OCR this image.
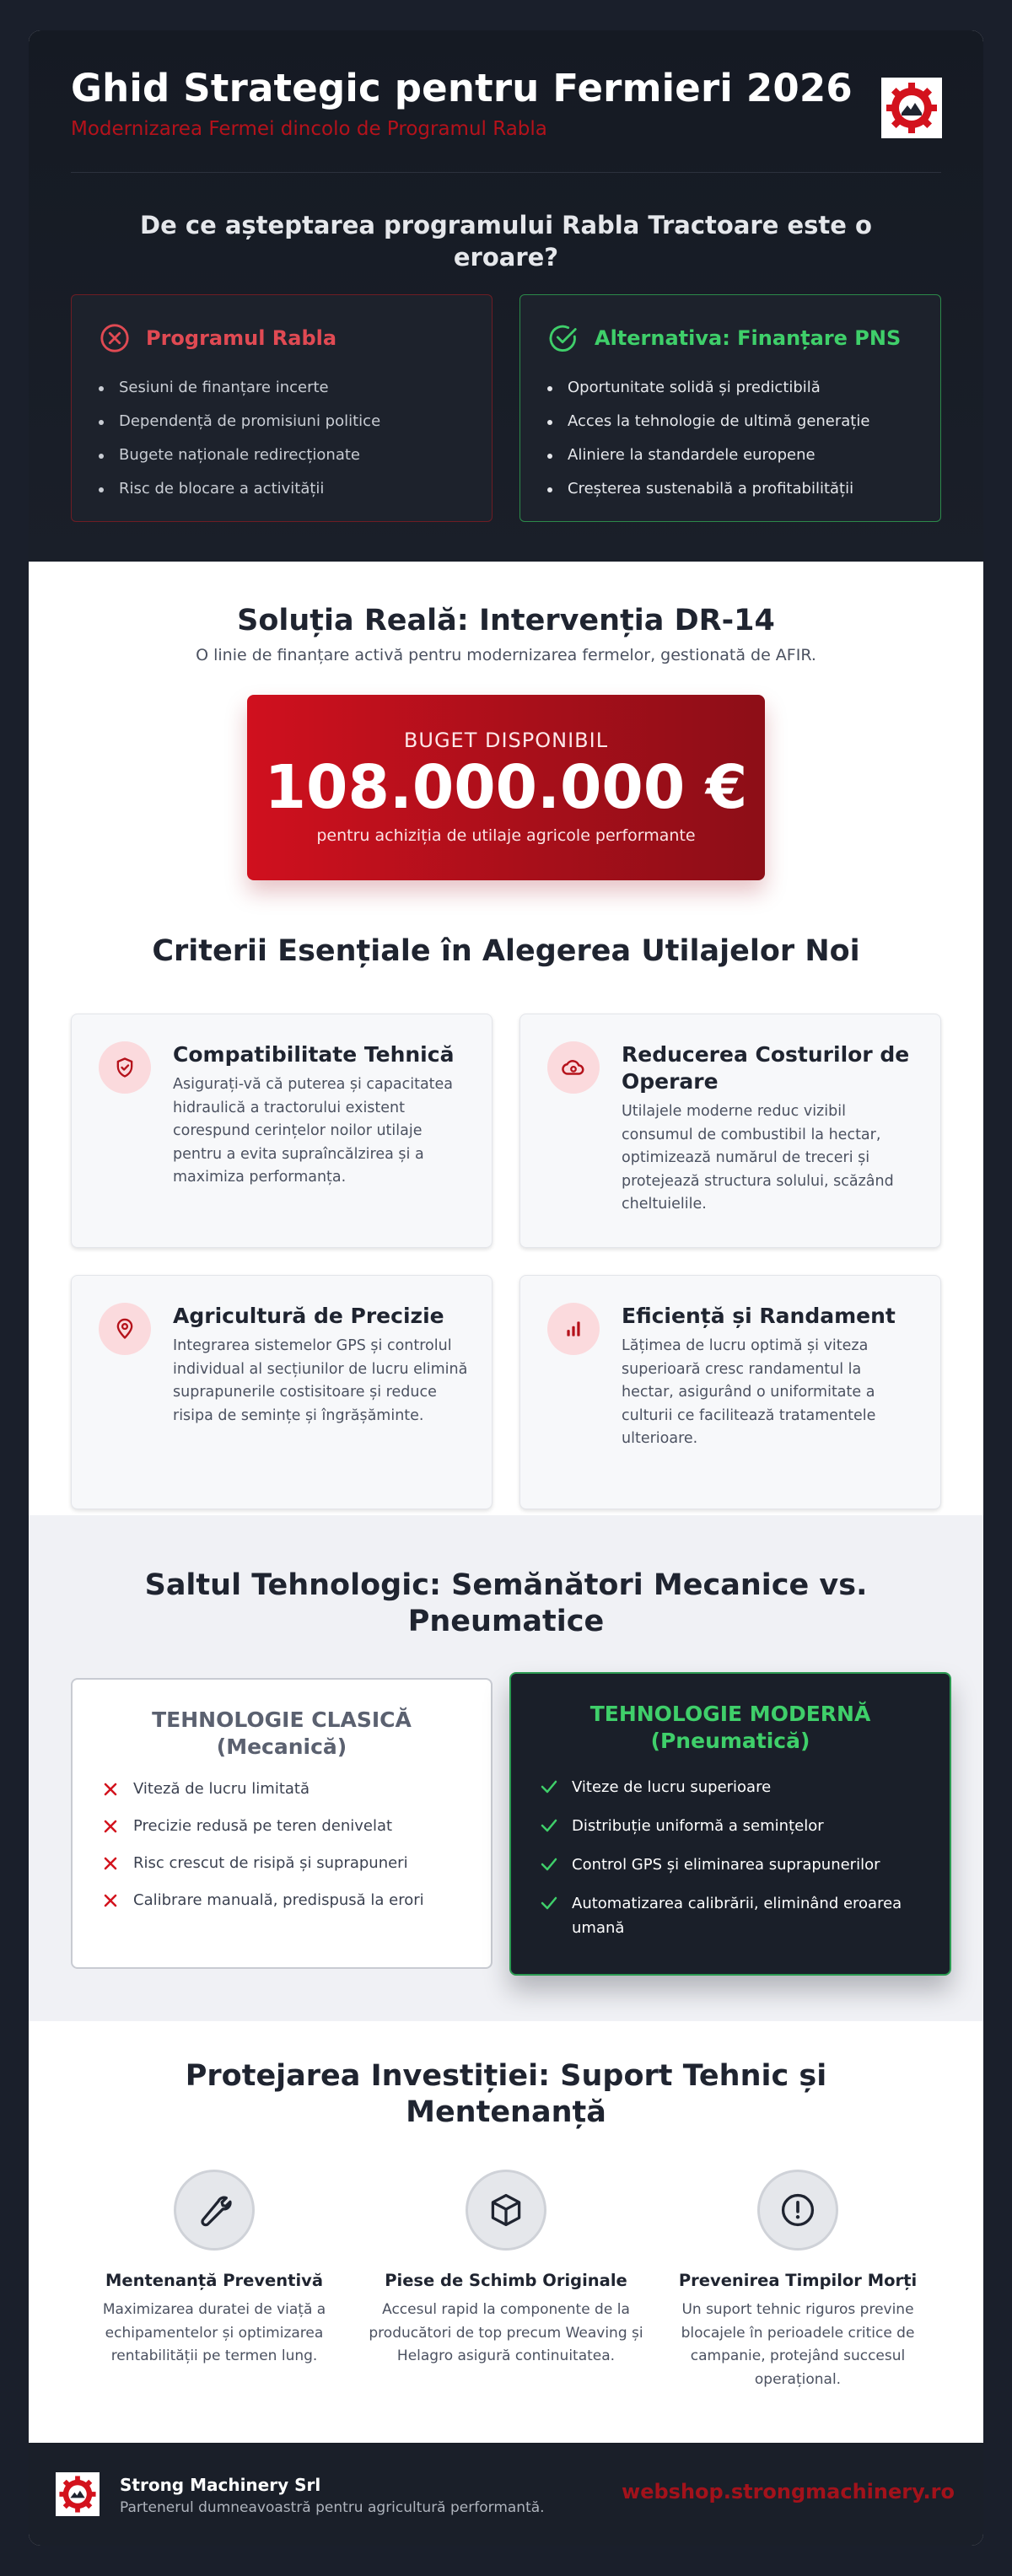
Ghid Strategic pentru Fermieri 2026
Modernizarea Fermei dincolo de Programul Rabla
De ce așteptarea programului Rabla Tractoare este o eroare?
Programul Rabla
Sesiuni de finanțare incerte
Dependență de promisiuni politice
Bugete naționale redirecționate
Risc de blocare a activității
Alternativa: Finanțare PNS
Oportunitate solidă și predictibilă
Acces la tehnologie de ultimă generație
Aliniere la standardele europene
Creșterea sustenabilă a profitabilității
Soluția Reală: Intervenția DR-14

O linie de finanțare activă pentru modernizarea fermelor, gestionată de AFIR.

BUGET DISPONIBIL
108.000.000 €
pentru achiziția de utilaje agricole performante
Criterii Esențiale în Alegerea Utilajelor Noi
Compatibilitate Tehnică
Asigurați-vă că puterea și capacitatea hidraulică a tractorului existent corespund cerințelor noilor utilaje pentru a evita supraîncălzirea și a maximiza performanța.
Reducerea Costurilor de Operare
Utilajele moderne reduc vizibil consumul de combustibil la hectar, optimizează numărul de treceri și protejează structura solului, scăzând cheltuielile.
Agricultură de Precizie
Integrarea sistemelor GPS și controlul individual al secțiunilor de lucru elimină suprapunerile costisitoare și reduce risipa de semințe și îngrășăminte.
Eficiență și Randament
Lățimea de lucru optimă și viteza superioară cresc randamentul la hectar, asigurând o uniformitate a culturii ce facilitează tratamentele ulterioare.
Saltul Tehnologic: Semănători Mecanice vs. Pneumatice
TEHNOLOGIE CLASICĂ
(Mecanică)
Viteză de lucru limitată
Precizie redusă pe teren denivelat
Risc crescut de risipă și suprapuneri
Calibrare manuală, predispusă la erori
TEHNOLOGIE MODERNĂ
(Pneumatică)
Viteze de lucru superioare
Distribuție uniformă a semințelor
Control GPS și eliminarea suprapunerilor
Automatizarea calibrării, eliminând eroarea umană
Protejarea Investiției: Suport Tehnic și Mentenanță
Mentenanță Preventivă
Maximizarea duratei de viață a echipamentelor și optimizarea rentabilității pe termen lung.
Piese de Schimb Originale
Accesul rapid la componente de la producători de top precum Weaving și Helagro asigură continuitatea.
Prevenirea Timpilor Morți
Un suport tehnic riguros previne blocajele în perioadele critice de campanie, protejând succesul operațional.
Strong Machinery Srl
Partenerul dumneavoastră pentru agricultură performantă.
webshop.strongmachinery.ro
